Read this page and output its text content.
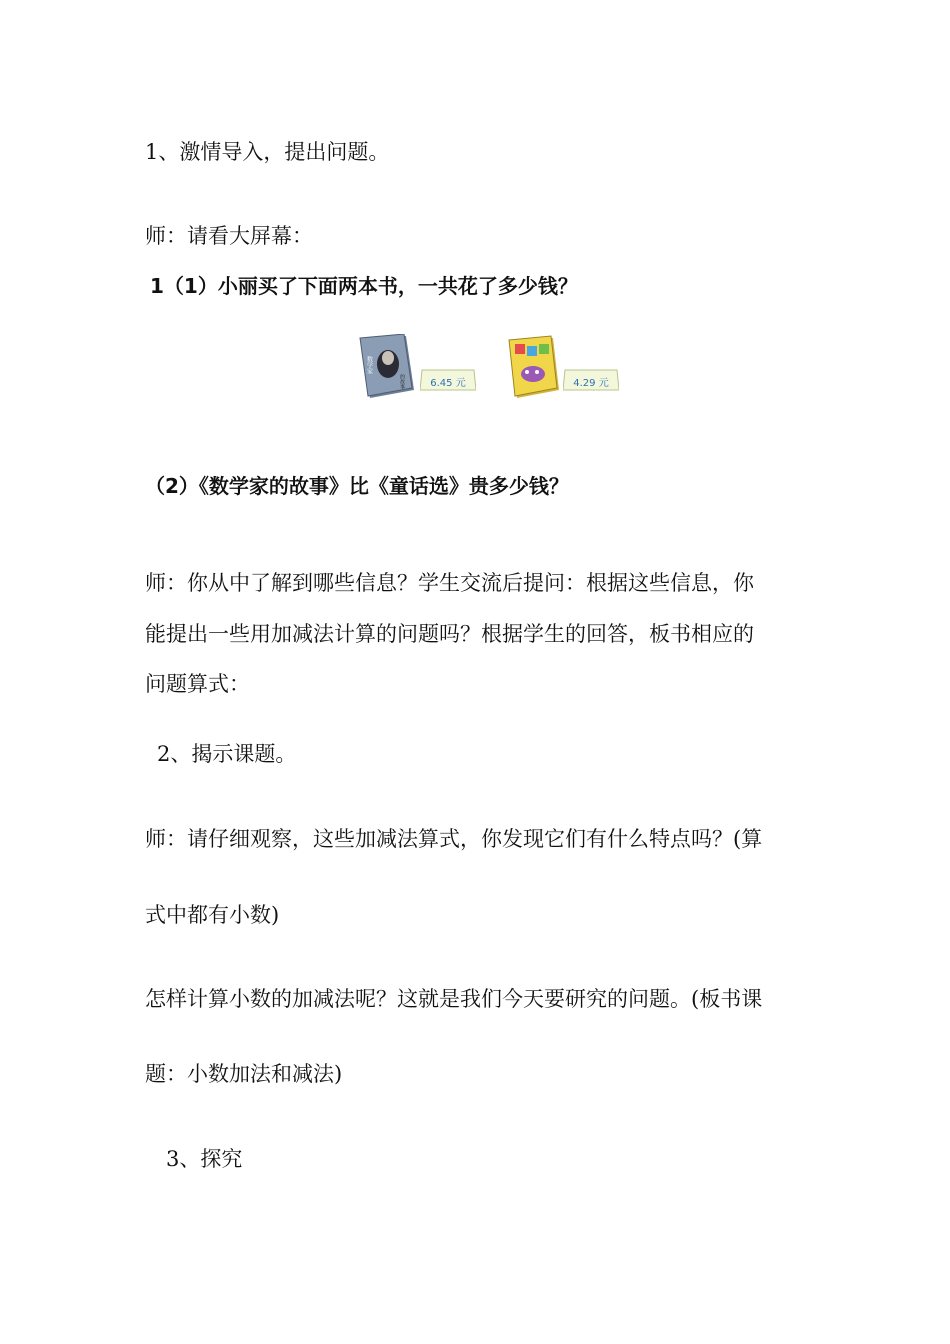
1、激情导入，提出问题。
师：请看大屏幕：
1（1）小丽买了下面两本书，一共花了多少钱？
数学家
的故事	6.45 元	4.29 元
（2）《数学家的故事》比《童话选》贵多少钱？
师：你从中了解到哪些信息？学生交流后提问：根据这些信息，你
能提出一些用加减法计算的问题吗？根据学生的回答，板书相应的
问题算式：
2、揭示课题。
师：请仔细观察，这些加减法算式，你发现它们有什么特点吗？(算
式中都有小数)
怎样计算小数的加减法呢？这就是我们今天要研究的问题。(板书课
题：小数加法和减法)
3、探究
